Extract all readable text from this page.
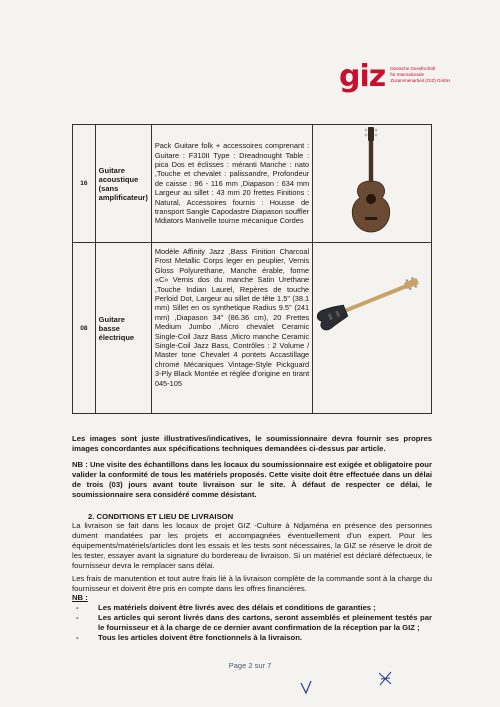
giz Deutsche Gesellschaft
für Internationale
Zusammenarbeit (GIZ) GmbH
16	Guitare acoustique (sans amplificateur)	Pack Guitare folk + accessoires comprenant : Guitare : F310II Type : Dreadnought Table : pica Dos et éclisses : méranti Manche : nato ,Touche et chevalet : palissandre, Profondeur de caisse : 96 - 116 mm ,Diapason : 634 mm Largeur au sillet : 43 mm 20 frettes Finitions : Natural, Accessoires fournis : Housse de transport Sangle Capodastre Diapason souffler Mdiators Manivelle tourne mécanique Cordes	
08	Guitare basse électrique	Modèle Affinity Jazz ,Bass Finition Charcoal Frost Metallic Corps leger en peuplier, Vernis Gloss Polyurethane, Manche érable, forme «C» Vernis dos du manche Satin Urethane ,Touche Indian Laurel, Repères de touche Perloid Dot, Largeur au sillet de tête 1.5" (38.1 mm) Sillet en os synthetique Radius 9.5" (241 mm) ,Diapason 34" (86.36 cm), 20 Frettes Medium Jumbo ,Micro chevalet Ceramic Single-Coil Jazz Bass ,Micro manche Ceramic Single-Coil Jazz Bass, Contrôles : 2 Volume / Master tone Chevalet 4 pontets Accastillage chromé Mécaniques Vintage-Style Pickguard 3-Ply Black Montée et réglée d'origine en tirant 045-105	
Les images sont juste illustratives/indicatives, le soumissionnaire devra fournir ses propres images concordantes aux spécifications techniques demandées ci-dessus par article.
NB : Une visite des échantillons dans les locaux du soumissionnaire est exigée et obligatoire pour valider la conformité de tous les matériels proposés. Cette visite doit être effectuée dans un délai de trois (03) jours avant toute livraison sur le site. À défaut de respecter ce délai, le soumissionnaire sera considéré comme désistant.
2. CONDITIONS ET LIEU DE LIVRAISON
La livraison se fait dans les locaux de projet GIZ -Culture à Ndjaména en présence des personnes dument mandatées par les projets et accompagnées éventuellement d'un expert. Pour les équipements/matériels/articles dont les essais et les tests sont nécessaires, la GIZ se réserve le droit de les tester, essayer avant la signature du bordereau de livraison. Si un matériel est déclaré défectueux, le fournisseur devra le remplacer sans délai.
Les frais de manutention et tout autre frais lié à la livraison complète de la commande sont à la charge du fournisseur et doivent être pris en compte dans les offres financières.
NB :
- Les matériels doivent être livrés avec des délais et conditions de garanties ;
- Les articles qui seront livrés dans des cartons, seront assemblés et pleinement testés par le fournisseur et à la charge de ce dernier avant confirmation de la réception par la GIZ ;
- Tous les articles doivent être fonctionnels à la livraison.
Page 2 sur 7
